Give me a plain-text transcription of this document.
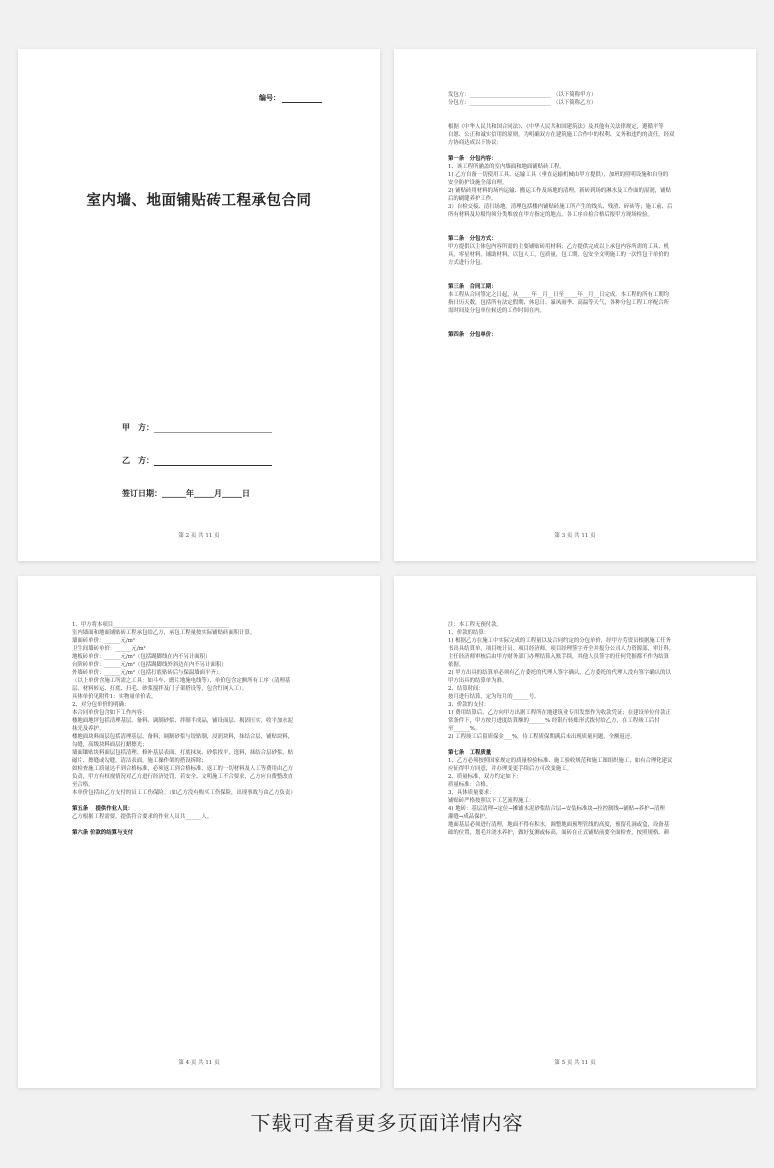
编号：
室内墙、地面铺贴砖工程承包合同
甲　方：
乙　方：
签订日期：______年_____月_____日
第 2 页 共 11 页
发包方：______________________________　（以下简称甲方）
分包方：______________________________　（以下简称乙方）
根据《中华人民共和国合同法》、《中华人民共和国建筑法》及其他有关法律规定，遵循平等
自愿、公正和诚实信用的原则，为明确双方在建筑施工合作中的权利、义务和违约的责任，经双
方协商达成以下协议：
第一条　分包内容：
1、该工程所涵盖的室内墙面和地面铺贴砖工程。
1) 乙方自备一切使用工具、运输工具（垂直运输机械由甲方提供），加班的照明设施和自身的
安全防护设施全部自理。
2) 铺贴砖用材料的场内运输、搬运工作及场地的清理，新砖到场的淋水及工作面的湿润，铺贴
后的刷缝养护工作。
3）自检交接、清扫场地。清理包括楼内铺贴砖施工所产生的线头、残渣、碎砖等；施工前、后
所有材料及垃圾均须分类堆放在甲方指定的地点，各工序自检合格后报甲方现场检验。
第二条　分包方式：
甲方提供以主体包内容所需的主要铺贴砖用材料；乙方提供完成以上承包内容所需的工具、机
具，零星材料，铺助材料，以包人工，包质量，包工期，包安全文明施工的一次性包干单价的
方式进行分包。
第三条　合同工期：
本工程从合同签定之日起，从_____年__月__日至_____年__月__日完成。本工程的所有工期均
指日历天数，包括所有法定假期、休息日、暴风雨季、高温等天气，各种分包工程工序配合所
需时间及分包单位候送的工作时间在内。
第四条　分包单价：
第 3 页 共 11 页
1、甲方将本项目___________________________________________
室内墙面和地面铺贴砖工程承包给乙方，承包工程量按实际铺贴砖面积计算。
墙面砖单价：______元/m²
卫生间墙砖单价：______元/m²
地板砖单价：______元/m²（包括踢脚线在内不另计面积）
台阶砖单价：______元/m²（包括踢脚线外斜边在内不另计面积）
外墙砖单价：______元/m²（包括打底贴砖后与保温墙面平齐）。
（以上单价含施工所需之工具：如斗车、磨片地施电线等），单价包含定额所有工序（清理基
层、材料转运、打底、扫毛、砂浆搅拌及门子架搭设等，包含钉网人工）。
具体单价见附件1：实物量单价表。
2、对分包单价的明确：
本合同单价包含如下工作内容：
楼地面地坪包括清理基层、备料、调制砂浆、拌制半成品，铺设面层、揭固压实，收平加水泥
抹光及养护。
楼地面块料面层包括清理基层、备料、调制砂浆与铰贴制，浸润块料，抹结合层，铺贴块料，
勾缝，高级块料面层打蜡擦光；
墙面镶贴块料面层包括清理、修补基层表面、打底抹灰、砂浆找平，选料，抹结合层砂浆、贴
磁片、擦缝或勾缝，清洁表面，施工操作架的搭设拆除；
如检查施工质量达不到合格标准，必须返工到合格标准，返工的一切材料及人工等费用由乙方
负责，甲方有权视情况对乙方进行经济处罚，若安全、文明施工不合要求，乙方应自费整改直
至合格。
本单价包括由乙方支付的员工工伤保险。（如乙方没有购买工伤保险，出现事故与由乙方负责）
第五条　 提供作业人员：
乙方根据工程需要，提供符合要求的作业人员共______人。
第六条 价款的结算与支付
第 4 页 共 11 页
注：本工程无预付款。
1、价款的结算：
1) 根据乙方在施工中实际完成的工程量以及合同约定的分包单价，经甲方劳资员根据施工任务
书出具结算单，项目统计员、项目经济师，项目经理签字齐全并报分公司人力资源部，审计科，
主任经济师审核后由甲方财务部门办理结算入账手续，其他人员签字的任何凭据都不作为结算
依据。
2) 甲方出具的结算单必须有乙方委托的代理人签字确认，乙方委托的代理人没有签字确认的以
甲方出具的结算单为准。
2、结算时间：
按月进行结算，定为每月的______号。
3、价款的支付：
1) 费用结算后，乙方向甲方出据工程所在地建筑业专用发票作为收款凭证；在建设单位付款正
常条件下，甲方按月进度结算额的______% 经银行转账形式拨付给乙方，在工程竣工后付
至______%。
2) 工程竣工后留质保金___%，待工程质保期满后未出现质量问题，全额返还。
第七条　工程质量
1、乙方必须按照国家规定的质量检验标准、施工验收规范和施工图组织施工，如有合理化建议
应征得甲方同意，并办理变更手续后方可改变施工。
2、质量标准，双方约定如下：
质量标准：合格。
3、具体质量要求：
铺贴砖严格按照以下工艺流程施工：
4) 地砖：基层清理→定位→摊铺水泥砂浆结合层→安装标准块→拉控制线→铺贴→养护→清理
灌缝→成品保护。
地面基层必须进行清理，地面不得有积水，调整地面预埋管线的高度，预留孔洞或盒，设备基
础的位置，划毛并浇水养护，做好复测或标高，面砖在正式铺贴前要全面检查，按照规格、颜
第 5 页 共 11 页
下载可查看更多页面详情内容
